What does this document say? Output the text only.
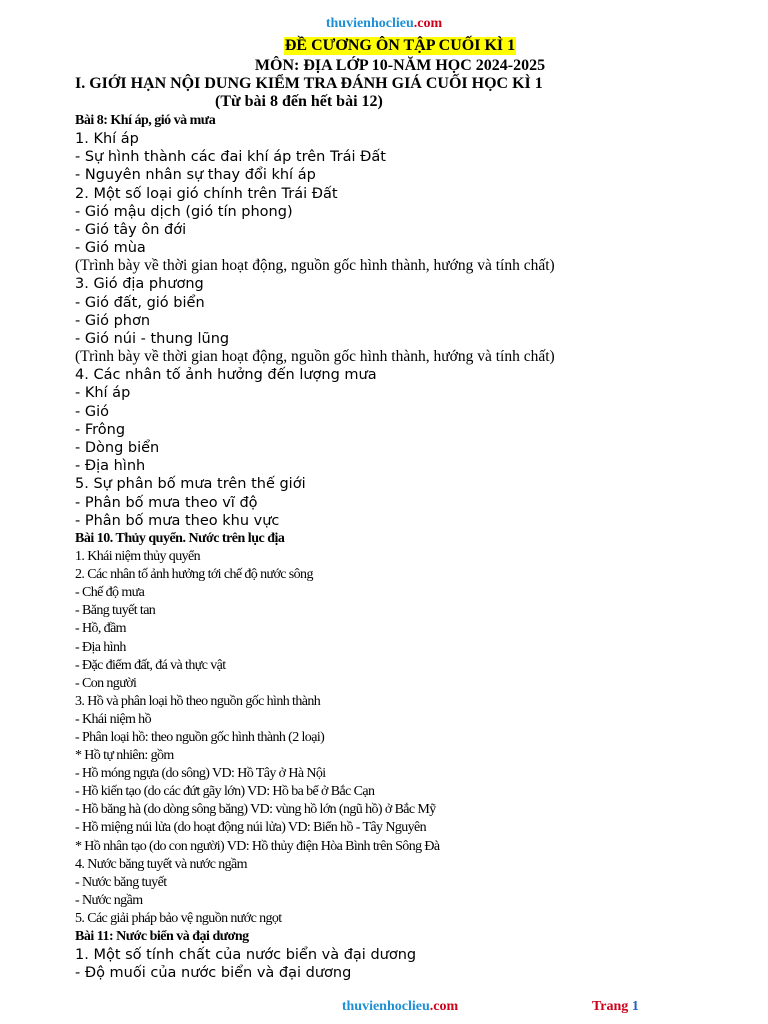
thuvienhoclieu.com
ĐỀ CƯƠNG ÔN TẬP CUỐI KÌ 1
MÔN: ĐỊA LỚP 10-NĂM HỌC 2024-2025
I. GIỚI HẠN NỘI DUNG KIỂM TRA ĐÁNH GIÁ CUỐI HỌC KÌ 1
(Từ bài 8 đến hết bài 12)
Bài 8: Khí áp, gió và mưa
1. Khí áp
- Sự hình thành các đai khí áp trên Trái Đất
- Nguyên nhân sự thay đổi khí áp
2. Một số loại gió chính trên Trái Đất
- Gió mậu dịch (gió tín phong)
- Gió tây ôn đới
- Gió mùa
(Trình bày về thời gian hoạt động, nguồn gốc hình thành, hướng và tính chất)
3. Gió địa phương
- Gió đất, gió biển
- Gió phơn
- Gió núi - thung lũng
(Trình bày về thời gian hoạt động, nguồn gốc hình thành, hướng và tính chất)
4. Các nhân tố ảnh hưởng đến lượng mưa
- Khí áp
- Gió
- Frông
- Dòng biển
- Địa hình
5. Sự phân bố mưa trên thế giới
- Phân bố mưa theo vĩ độ
- Phân bố mưa theo khu vực
Bài 10. Thủy quyển. Nước trên lục địa
1. Khái niệm thủy quyển
2. Các nhân tố ảnh hưởng tới chế độ nước sông
- Chế độ mưa
- Băng tuyết tan
- Hồ, đầm
- Địa hình
- Đặc điểm đất, đá và thực vật
- Con người
3. Hồ và phân loại hồ theo nguồn gốc hình thành
- Khái niệm hồ
- Phân loại hồ: theo nguồn gốc hình thành (2 loại)
* Hồ tự nhiên: gồm
- Hồ móng ngựa (do sông) VD: Hồ Tây ở Hà Nội
- Hồ kiến tạo (do các đứt gãy lớn) VD: Hồ ba bể ở Bắc Cạn
- Hồ băng hà (do dòng sông băng) VD: vùng hồ lớn (ngũ hồ) ở Bắc Mỹ
- Hồ miệng núi lửa (do hoạt động núi lửa) VD: Biển hồ - Tây Nguyên
* Hồ nhân tạo (do con người) VD: Hồ thủy điện Hòa Bình trên Sông Đà
4. Nước băng tuyết và nước ngầm
- Nước băng tuyết
- Nước ngầm
5. Các giải pháp bảo vệ nguồn nước ngọt
Bài 11: Nước biển và đại dương
1. Một số tính chất của nước biển và đại dương
- Độ muối của nước biển và đại dương
thuvienhoclieu.com	Trang 1
